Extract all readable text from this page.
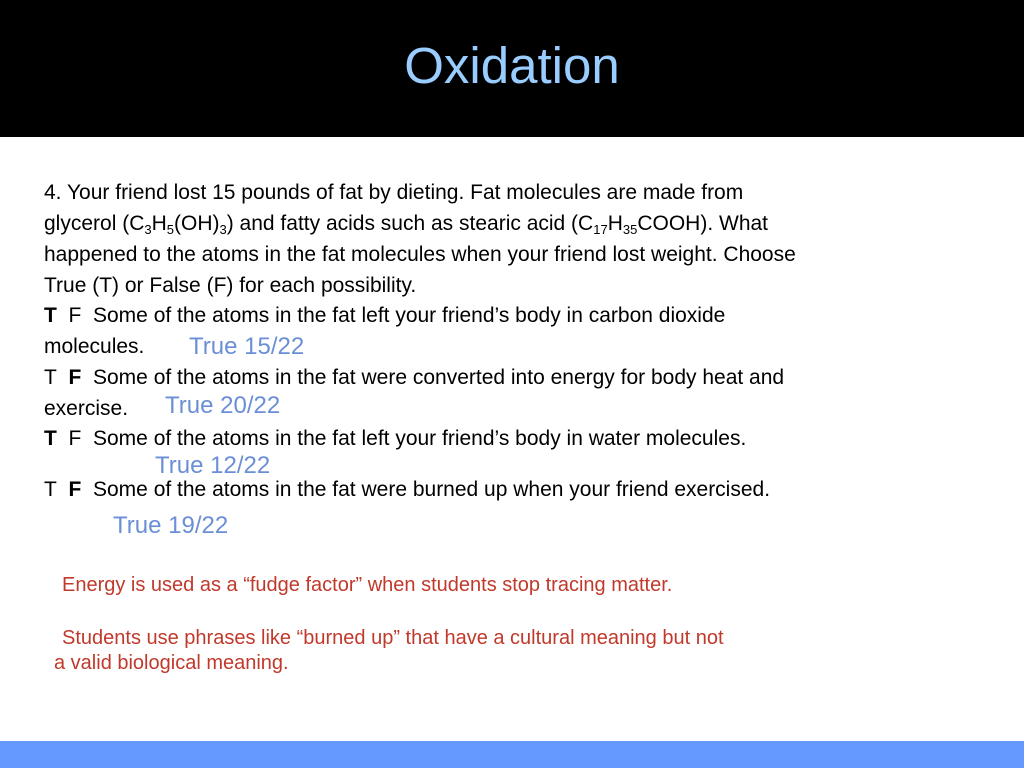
Oxidation
4. Your friend lost 15 pounds of fat by dieting. Fat molecules are made from
glycerol $(C_3H_5(OH)_3)$ and fatty acids such as stearic acid $(C_{17}H_{35}COOH)$. What
happened to the atoms in the fat molecules when your friend lost weight. Choose
True (T) or False (F) for each possibility.
T F Some of the atoms in the fat left your friend’s body in carbon dioxide
molecules. True 15/22
T F Some of the atoms in the fat were converted into energy for body heat and
exercise. True 20/22
T F Some of the atoms in the fat left your friend’s body in water molecules.
True 12/22
T F Some of the atoms in the fat were burned up when your friend exercised.
True 19/22
Energy is used as a “fudge factor” when students stop tracing matter.
Students use phrases like “burned up” that have a cultural meaning but not
a valid biological meaning.
